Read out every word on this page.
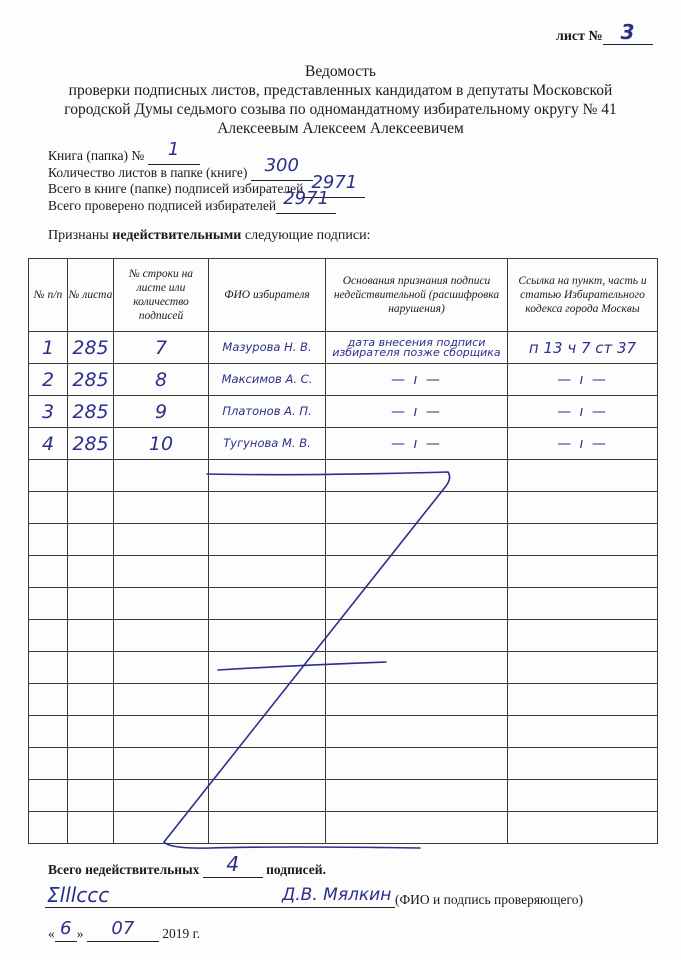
лист № 3
Ведомость
проверки подписных листов, представленных кандидатом в депутаты Московской
городской Думы седьмого созыва по одномандатному избирательному округу № 41
Алексеевым Алексеем Алексеевичем
Книга (папка) №	1
Количество листов в папке (книге) 300
Всего в книге (папке) подписей избирателей 2971
Всего проверено подписей избирателей 2971
Признаны недействительными следующие подписи:
№ п/п	№ листа	№ строки на листе или количество подписей	ФИО избирателя	Основания признания подписи недействительной (расшифровка нарушения)	Ссылка на пункт, часть и статью Избирательного кодекса города Москвы
1	285	7	Мазурова Н. В.	дата внесения подписи избирателя позже сборщика	п 13 ч 7 ст 37
2	285	8	Максимов А. С.	— ı —	— ı —
3	285	9	Платонов А. П.	— ı —	— ı —
4	285	10	Тугунова М. В.	— ı —	— ı —

Всего недействительных	4	подписей.
Ʃlllccc	Д.В. Мялкин (ФИО и подпись проверяющего)
« 6 »	07	2019 г.
